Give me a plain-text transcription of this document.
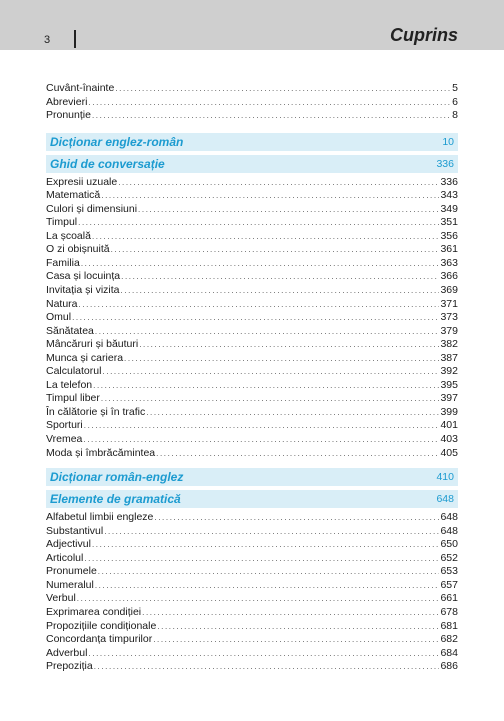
3	Cuprins
Cuvânt-înainte .....	5
Abrevieri .....	6
Pronunție .....	8
Dicționar englez-român	10
Ghid de conversație	336
Expresii uzuale .....	336
Matematică .....	343
Culori și dimensiuni .....	349
Timpul .....	351
La școală .....	356
O zi obișnuită .....	361
Familia .....	363
Casa și locuința .....	366
Invitația și vizita .....	369
Natura .....	371
Omul .....	373
Sănătatea .....	379
Mâncăruri și băuturi .....	382
Munca și cariera .....	387
Calculatorul .....	392
La telefon .....	395
Timpul liber .....	397
În călătorie și în trafic .....	399
Sporturi .....	401
Vremea .....	403
Moda și îmbrăcămintea .....	405
Dicționar român-englez	410
Elemente de gramatică	648
Alfabetul limbii engleze .....	648
Substantivul .....	648
Adjectivul .....	650
Articolul .....	652
Pronumele .....	653
Numeralul .....	657
Verbul .....	661
Exprimarea condiției .....	678
Propozițiile condiționale .....	681
Concordanța timpurilor .....	682
Adverbul .....	684
Prepoziția .....	686
